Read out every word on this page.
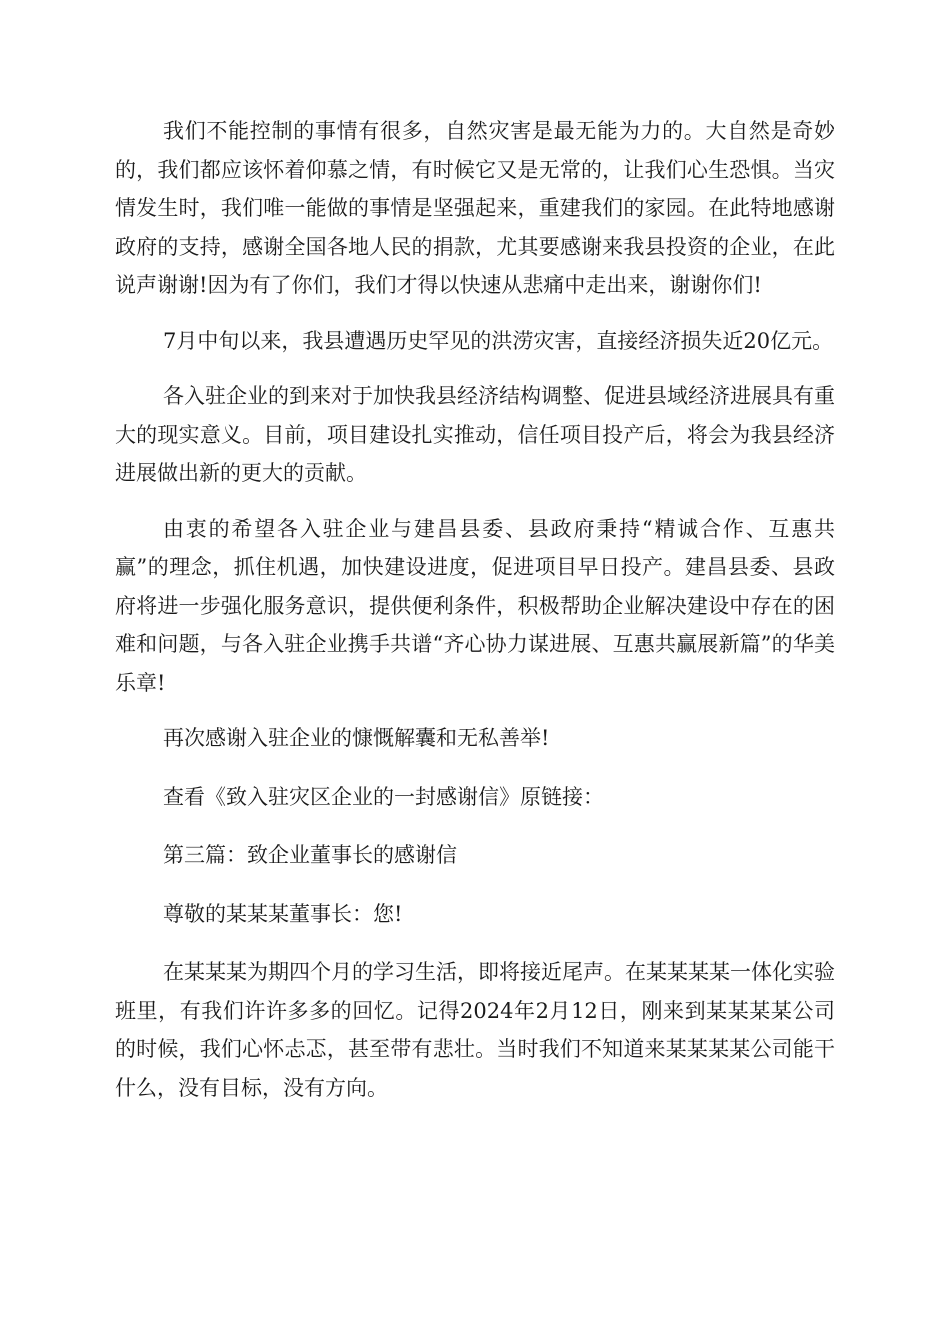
我们不能控制的事情有很多，自然灾害是最无能为力的。大自然是奇妙的，我们都应该怀着仰慕之情，有时候它又是无常的，让我们心生恐惧。当灾情发生时，我们唯一能做的事情是坚强起来，重建我们的家园。在此特地感谢政府的支持，感谢全国各地人民的捐款，尤其要感谢来我县投资的企业，在此说声谢谢!因为有了你们，我们才得以快速从悲痛中走出来，谢谢你们!

7月中旬以来，我县遭遇历史罕见的洪涝灾害，直接经济损失近20亿元。

各入驻企业的到来对于加快我县经济结构调整、促进县域经济进展具有重大的现实意义。目前，项目建设扎实推动，信任项目投产后，将会为我县经济进展做出新的更大的贡献。

由衷的希望各入驻企业与建昌县委、县政府秉持“精诚合作、互惠共赢”的理念，抓住机遇，加快建设进度，促进项目早日投产。建昌县委、县政府将进一步强化服务意识，提供便利条件，积极帮助企业解决建设中存在的困难和问题，与各入驻企业携手共谱“齐心协力谋进展、互惠共赢展新篇”的华美乐章!

再次感谢入驻企业的慷慨解囊和无私善举!

查看《致入驻灾区企业的一封感谢信》原链接：

第三篇：致企业董事长的感谢信

尊敬的某某某董事长：您!

在某某某为期四个月的学习生活，即将接近尾声。在某某某某一体化实验班里，有我们许许多多的回忆。记得2024年2月12日，刚来到某某某某公司的时候，我们心怀忐忑，甚至带有悲壮。当时我们不知道来某某某某公司能干什么，没有目标，没有方向。
